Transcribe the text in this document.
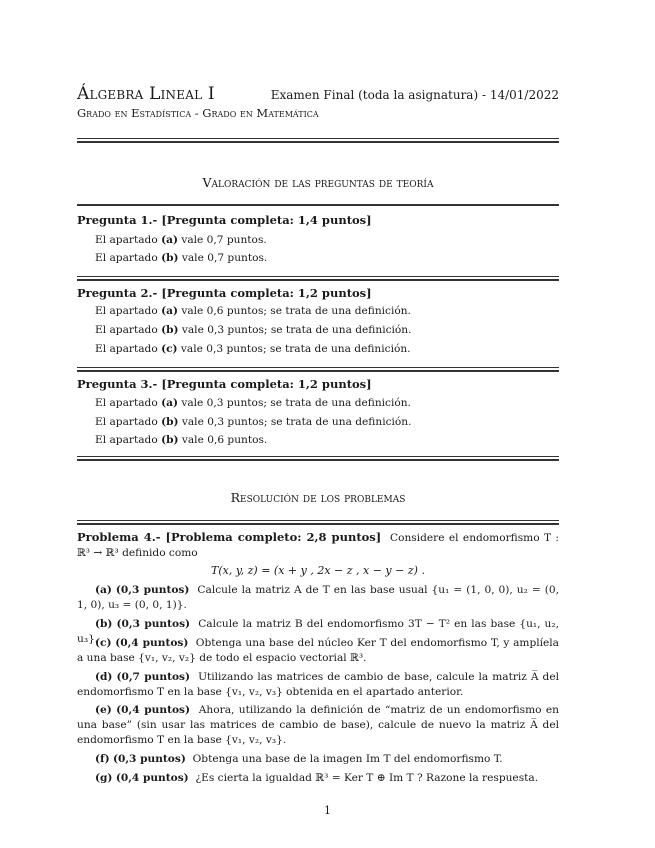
Álgebra Lineal I	Examen Final (toda la asignatura) - 14/01/2022
Grado en Estadística - Grado en Matemática
Valoración de las preguntas de teoría
Pregunta 1.- [Pregunta completa: 1,4 puntos]
El apartado (a) vale 0,7 puntos.
El apartado (b) vale 0,7 puntos.
Pregunta 2.- [Pregunta completa: 1,2 puntos]
El apartado (a) vale 0,6 puntos; se trata de una definición.
El apartado (b) vale 0,3 puntos; se trata de una definición.
El apartado (c) vale 0,3 puntos; se trata de una definición.
Pregunta 3.- [Pregunta completa: 1,2 puntos]
El apartado (a) vale 0,3 puntos; se trata de una definición.
El apartado (b) vale 0,3 puntos; se trata de una definición.
El apartado (b) vale 0,6 puntos.
Resolución de los problemas
Problema 4.- [Problema completo: 2,8 puntos] Considere el endomorfismo T : ℝ³ → ℝ³ definido como
T(x, y, z) = (x + y , 2x − z , x − y − z) .
(a) (0,3 puntos) Calcule la matriz A de T en las base usual {u₁ = (1, 0, 0), u₂ = (0, 1, 0), u₃ = (0, 0, 1)}.
(b) (0,3 puntos) Calcule la matriz B del endomorfismo 3T − T² en las base {u₁, u₂, u₃}.
(c) (0,4 puntos) Obtenga una base del núcleo Ker T del endomorfismo T, y amplíela a una base {v₁, v₂, v₂} de todo el espacio vectorial ℝ³.
(d) (0,7 puntos) Utilizando las matrices de cambio de base, calcule la matriz A̅ del endomorfismo T en la base {v₁, v₂, v₃} obtenida en el apartado anterior.
(e) (0,4 puntos) Ahora, utilizando la definición de “matriz de un endomorfismo en una base” (sin usar las matrices de cambio de base), calcule de nuevo la matriz A̅ del endomorfismo T en la base {v₁, v₂, v₃}.
(f) (0,3 puntos) Obtenga una base de la imagen Im T del endomorfismo T.
(g) (0,4 puntos) ¿Es cierta la igualdad ℝ³ = Ker T ⊕ Im T ? Razone la respuesta.
1
